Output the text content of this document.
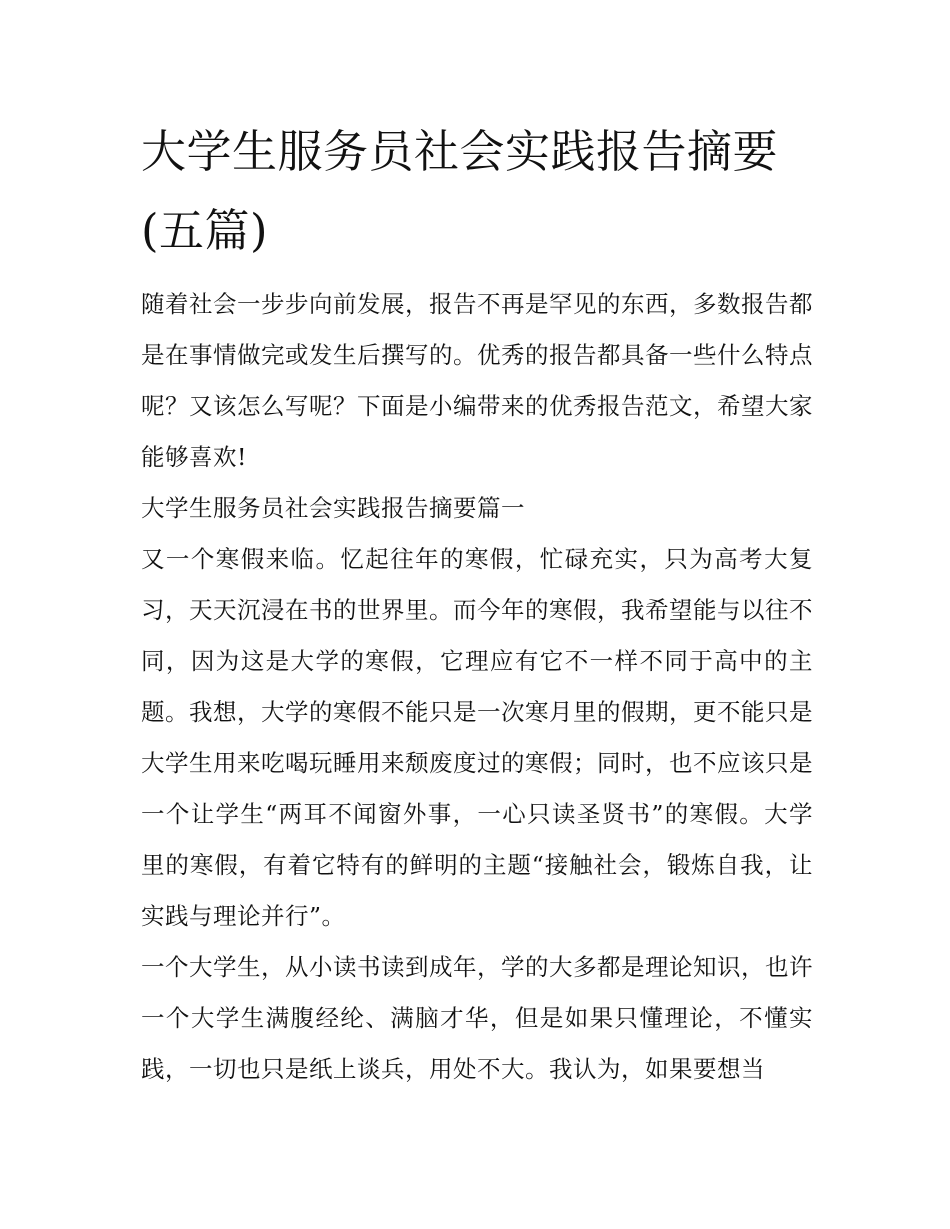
大学生服务员社会实践报告摘要(五篇)

随着社会一步步向前发展，报告不再是罕见的东西，多数报告都是在事情做完或发生后撰写的。优秀的报告都具备一些什么特点呢？又该怎么写呢？下面是小编带来的优秀报告范文，希望大家能够喜欢!

大学生服务员社会实践报告摘要篇一

又一个寒假来临。忆起往年的寒假，忙碌充实，只为高考大复习，天天沉浸在书的世界里。而今年的寒假，我希望能与以往不同，因为这是大学的寒假，它理应有它不一样不同于高中的主题。我想，大学的寒假不能只是一次寒月里的假期，更不能只是大学生用来吃喝玩睡用来颓废度过的寒假；同时，也不应该只是一个让学生“两耳不闻窗外事，一心只读圣贤书”的寒假。大学里的寒假，有着它特有的鲜明的主题“接触社会，锻炼自我，让实践与理论并行”。

一个大学生，从小读书读到成年，学的大多都是理论知识，也许一个大学生满腹经纶、满脑才华，但是如果只懂理论，不懂实践，一切也只是纸上谈兵，用处不大。我认为，如果要想当
